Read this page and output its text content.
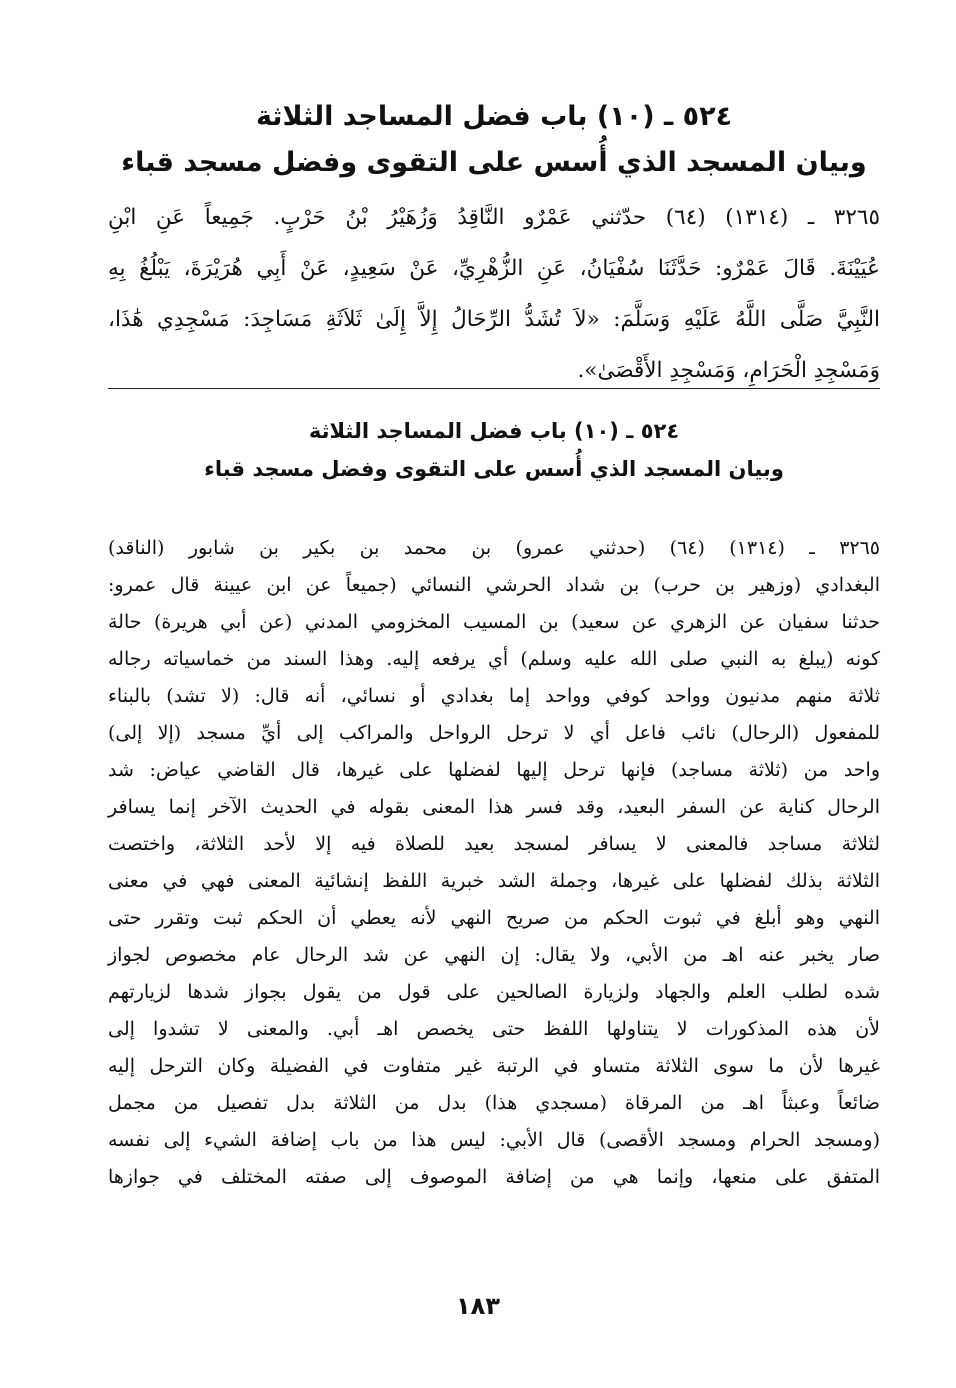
٥٢٤ ـ (١٠) باب فضل المساجد الثلاثة
وبيان المسجد الذي أُسس على التقوى وفضل مسجد قباء
٣٢٦٥ ـ (١٣١٤) (٦٤) حدّثني عَمْرٌو النَّاقِدُ وَزُهَيْرُ بْنُ حَرْبٍ. جَمِيعاً عَنِ ابْنِ
عُيَيْنَةَ. قَالَ عَمْرٌو: حَدَّثَنَا سُفْيَانُ، عَنِ الزُّهْرِيِّ، عَنْ سَعِيدٍ، عَنْ أَبِي هُرَيْرَةَ، يَبْلُغُ بِهِ
النَّبِيَّ صَلَّى اللَّهُ عَلَيْهِ وَسَلَّمَ: «لاَ تُشَدُّ الرِّحَالُ إِلاَّ إِلَىٰ ثَلاَثَةِ مَسَاجِدَ: مَسْجِدِي هَٰذَا،
وَمَسْجِدِ الْحَرَامِ، وَمَسْجِدِ الأَقْصَىٰ».
٥٢٤ ـ (١٠) باب فضل المساجد الثلاثة
وبيان المسجد الذي أُسس على التقوى وفضل مسجد قباء
٣٢٦٥ ـ (١٣١٤) (٦٤) (حدثني عمرو) بن محمد بن بكير بن شابور (الناقد)
البغدادي (وزهير بن حرب) بن شداد الحرشي النسائي (جميعاً عن ابن عيينة قال عمرو:
حدثنا سفيان عن الزهري عن سعيد) بن المسيب المخزومي المدني (عن أبي هريرة) حالة
كونه (يبلغ به النبي صلى الله عليه وسلم) أي يرفعه إليه. وهذا السند من خماسياته رجاله
ثلاثة منهم مدنيون وواحد كوفي وواحد إما بغدادي أو نسائي، أنه قال: (لا تشد) بالبناء
للمفعول (الرحال) نائب فاعل أي لا ترحل الرواحل والمراكب إلى أيِّ مسجد (إلا إلى)
واحد من (ثلاثة مساجد) فإنها ترحل إليها لفضلها على غيرها، قال القاضي عياض: شد
الرحال كناية عن السفر البعيد، وقد فسر هذا المعنى بقوله في الحديث الآخر إنما يسافر
لثلاثة مساجد فالمعنى لا يسافر لمسجد بعيد للصلاة فيه إلا لأحد الثلاثة، واختصت
الثلاثة بذلك لفضلها على غيرها، وجملة الشد خبرية اللفظ إنشائية المعنى فهي في معنى
النهي وهو أبلغ في ثبوت الحكم من صريح النهي لأنه يعطي أن الحكم ثبت وتقرر حتى
صار يخبر عنه اهـ من الأبي، ولا يقال: إن النهي عن شد الرحال عام مخصوص لجواز
شده لطلب العلم والجهاد ولزيارة الصالحين على قول من يقول بجواز شدها لزيارتهم
لأن هذه المذكورات لا يتناولها اللفظ حتى يخصص اهـ أبي. والمعنى لا تشدوا إلى
غيرها لأن ما سوى الثلاثة متساو في الرتبة غير متفاوت في الفضيلة وكان الترحل إليه
ضائعاً وعبثاً اهـ من المرقاة (مسجدي هذا) بدل من الثلاثة بدل تفصيل من مجمل
(ومسجد الحرام ومسجد الأقصى) قال الأبي: ليس هذا من باب إضافة الشيء إلى نفسه
المتفق على منعها، وإنما هي من إضافة الموصوف إلى صفته المختلف في جوازها
١٨٣
